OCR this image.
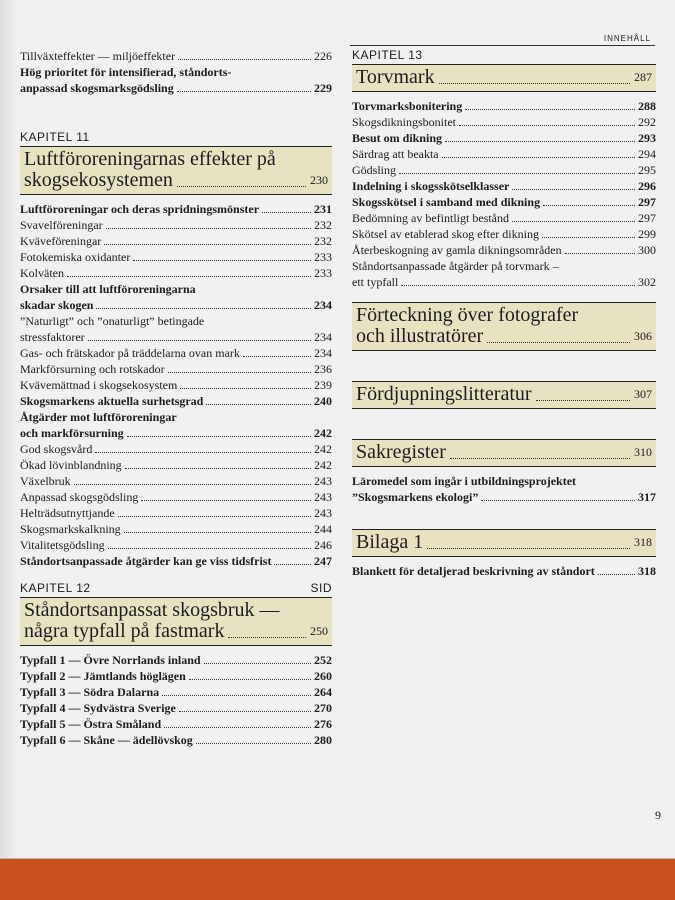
INNEHÅLL
Tillväxteffekter — miljöeffekter	226
Hög prioritet för intensifierad, ståndorts-
anpassad skogsmarksgödsling	229
KAPITEL 11
Luftföroreningarnas effekter på
skogsekosystemen	230
Luftföroreningar och deras spridningsmönster	231
Svavelföreningar	232
Kväveföreningar	232
Fotokemiska oxidanter	233
Kolväten	233
Orsaker till att luftföroreningarna
skadar skogen	234
”Naturligt” och ”onaturligt” betingade
stressfaktorer	234
Gas- och frätskador på träddelarna ovan mark	234
Markförsurning och rotskador	236
Kvävemättnad i skogsekosystem	239
Skogsmarkens aktuella surhetsgrad	240
Åtgärder mot luftföroreningar
och markförsurning	242
God skogsvård	242
Ökad lövinblandning	242
Växelbruk	243
Anpassad skogsgödsling	243
Helträdsutnyttjande	243
Skogsmarkskalkning	244
Vitalitetsgödsling	246
Ståndortsanpassade åtgärder kan ge viss tidsfrist	247
KAPITEL 12	SID
Ståndortsanpassat skogsbruk —
några typfall på fastmark	250
Typfall 1 — Övre Norrlands inland	252
Typfall 2 — Jämtlands höglägen	260
Typfall 3 — Södra Dalarna	264
Typfall 4 — Sydvästra Sverige	270
Typfall 5 — Östra Småland	276
Typfall 6 — Skåne — ädellövskog	280
KAPITEL 13
Torvmark	287
Torvmarksbonitering	288
Skogsdikningsbonitet	292
Besut om dikning	293
Särdrag att beakta	294
Gödsling	295
Indelning i skogsskötselklasser	296
Skogsskötsel i samband med dikning	297
Bedömning av befintligt bestånd	297
Skötsel av etablerad skog efter dikning	299
Återbeskogning av gamla dikningsområden	300
Ståndortsanpassade åtgärder på torvmark –
ett typfall	302
Förteckning över fotografer
och illustratörer	306
Fördjupningslitteratur	307
Sakregister	310
Läromedel som ingår i utbildningsprojektet
”Skogsmarkens ekologi”	317
Bilaga 1	318
Blankett för detaljerad beskrivning av ståndort	318
9
